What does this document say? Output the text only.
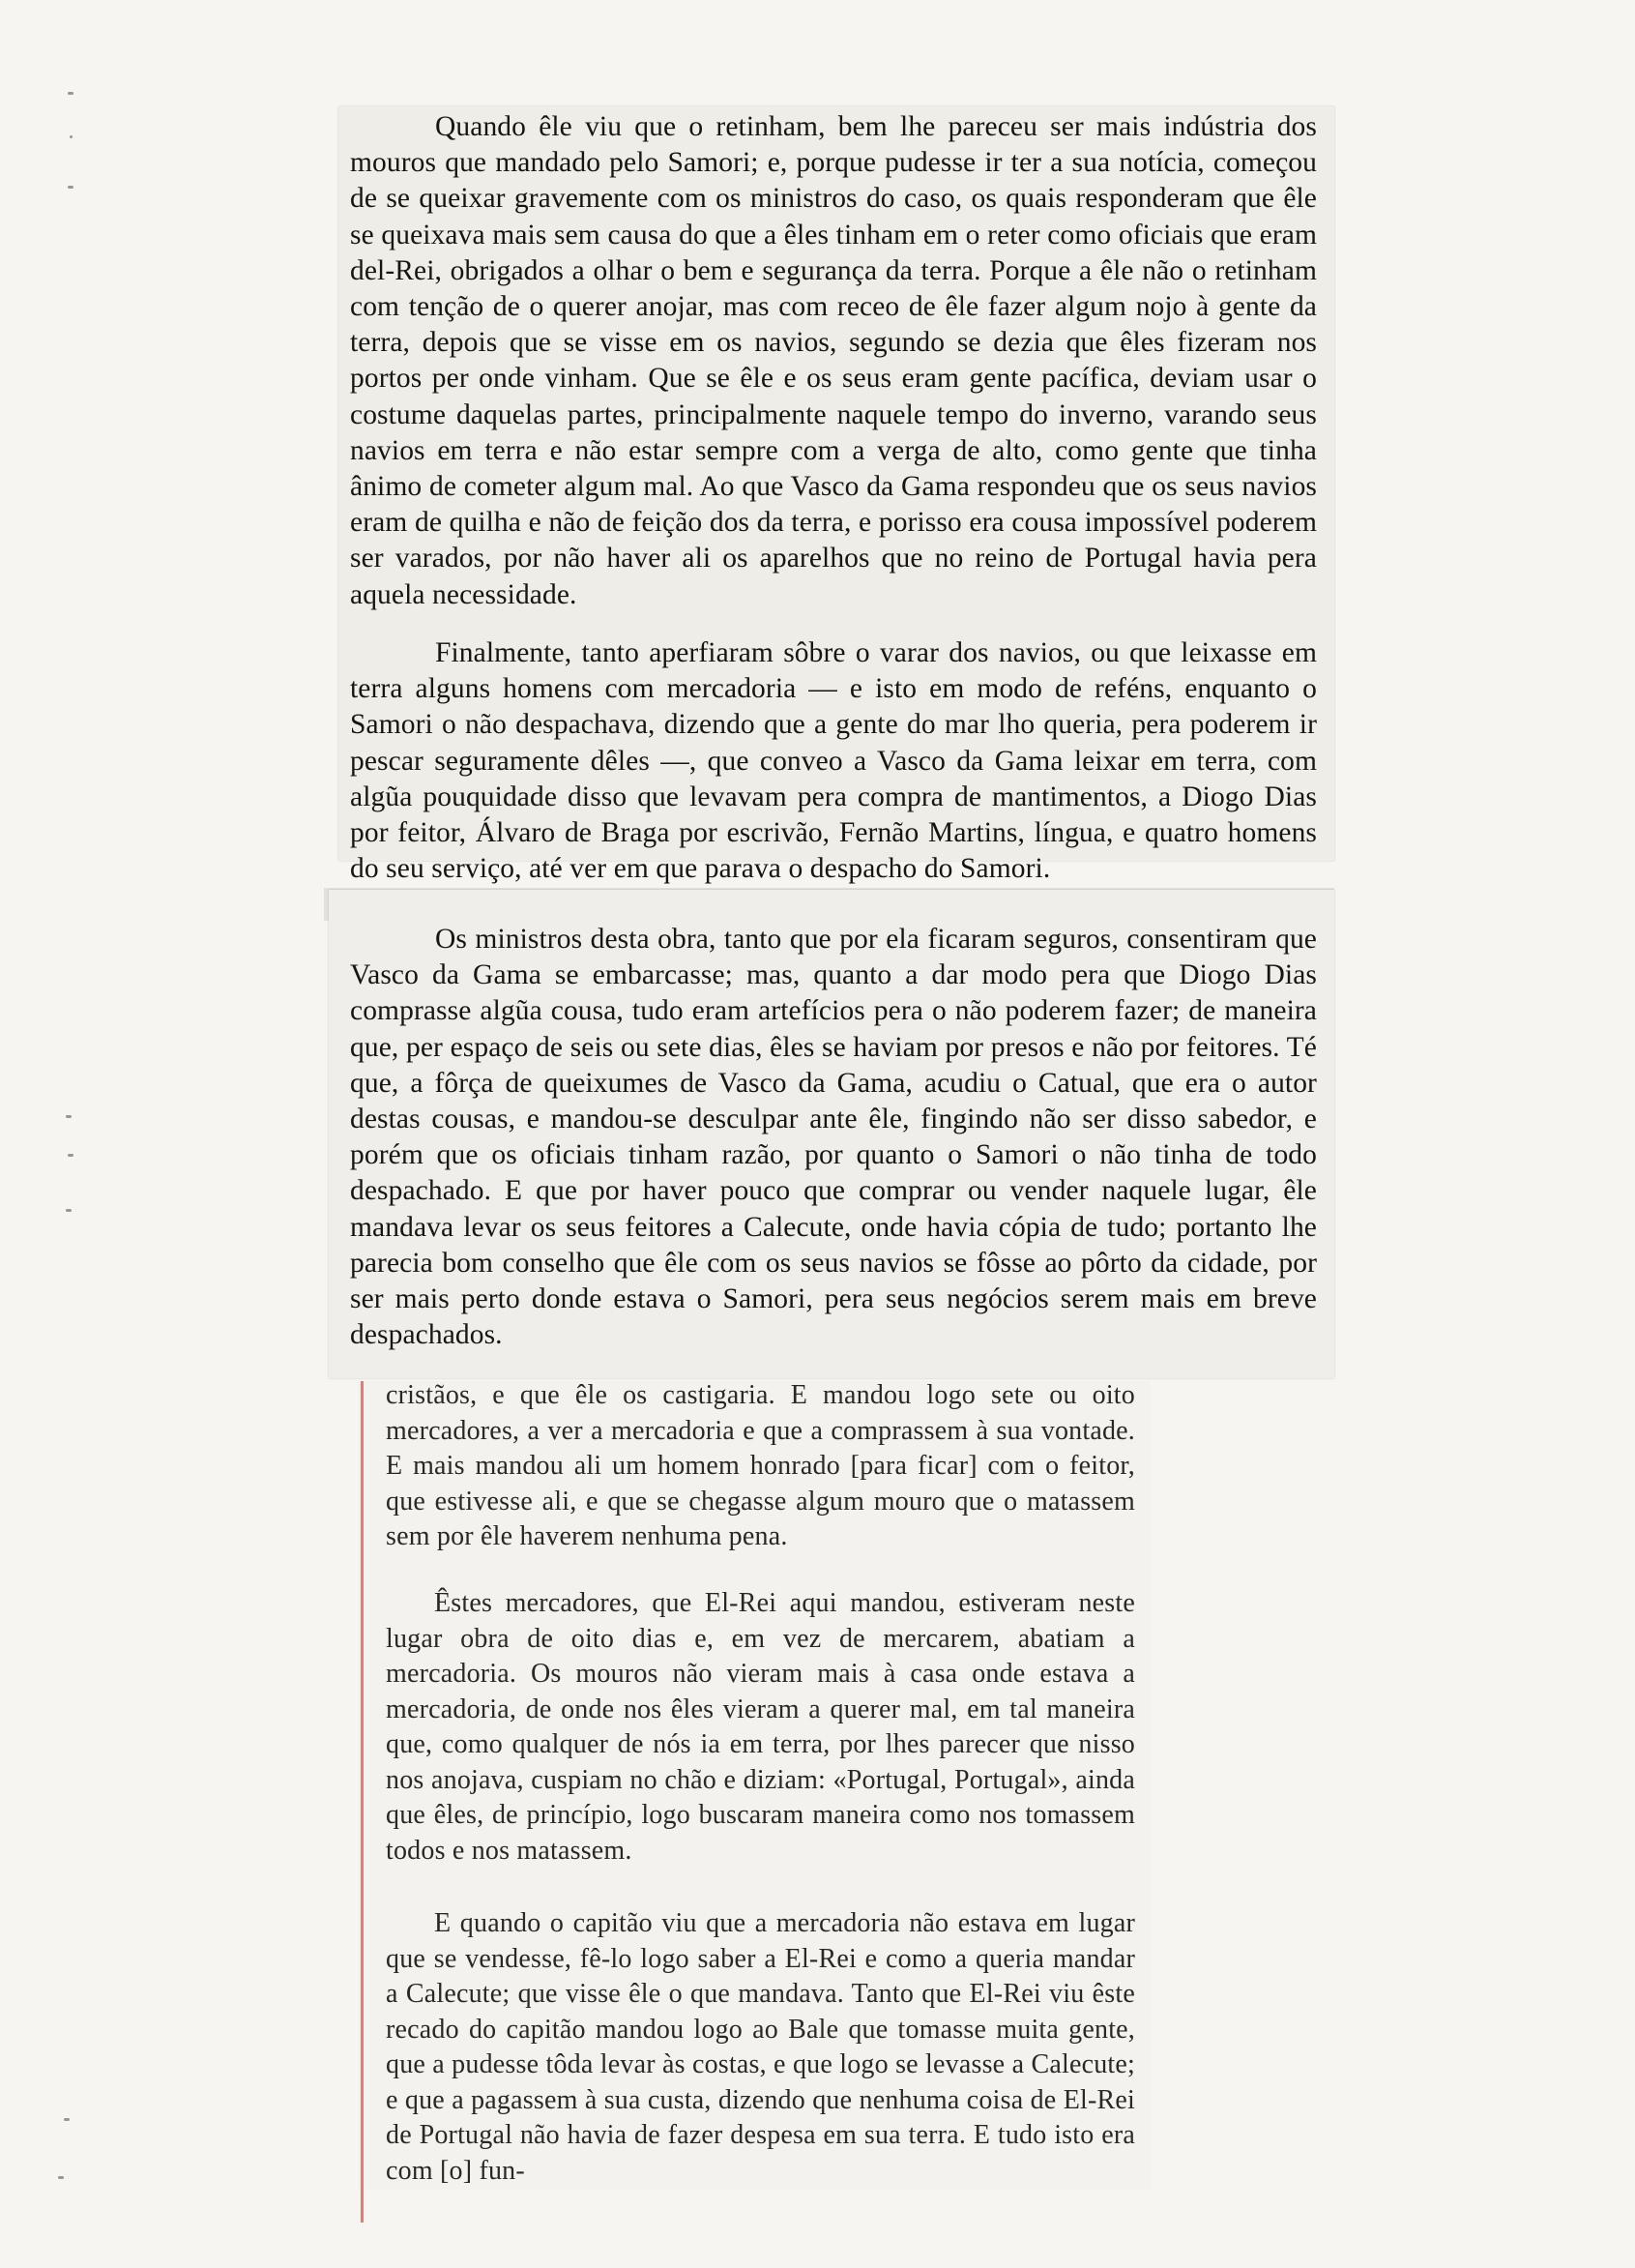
Quando êle viu que o retinham, bem lhe pareceu ser mais indústria dos mouros que mandado pelo Samori; e, porque pudesse ir ter a sua notícia, começou de se queixar gravemente com os ministros do caso, os quais responderam que êle se queixava mais sem causa do que a êles tinham em o reter como oficiais que eram del-Rei, obrigados a olhar o bem e segurança da terra. Porque a êle não o retinham com tenção de o querer anojar, mas com receo de êle fazer algum nojo à gente da terra, depois que se visse em os navios, segundo se dezia que êles fizeram nos portos per onde vinham. Que se êle e os seus eram gente pacífica, deviam usar o costume daquelas partes, principalmente naquele tempo do inverno, varando seus navios em terra e não estar sempre com a verga de alto, como gente que tinha ânimo de cometer algum mal. Ao que Vasco da Gama respondeu que os seus navios eram de quilha e não de feição dos da terra, e porisso era cousa impossível poderem ser varados, por não haver ali os aparelhos que no reino de Portugal havia pera aquela necessidade.

Finalmente, tanto aperfiaram sôbre o varar dos navios, ou que leixasse em terra alguns homens com mercadoria — e isto em modo de reféns, enquanto o Samori o não despachava, dizendo que a gente do mar lho queria, pera poderem ir pescar seguramente dêles —, que conveo a Vasco da Gama leixar em terra, com algũa pouquidade disso que levavam pera compra de mantimentos, a Diogo Dias por feitor, Álvaro de Braga por escrivão, Fernão Martins, língua, e quatro homens do seu serviço, até ver em que parava o despacho do Samori.

Os ministros desta obra, tanto que por ela ficaram seguros, consentiram que Vasco da Gama se embarcasse; mas, quanto a dar modo pera que Diogo Dias comprasse algũa cousa, tudo eram artefícios pera o não poderem fazer; de maneira que, per espaço de seis ou sete dias, êles se haviam por presos e não por feitores. Té que, a fôrça de queixumes de Vasco da Gama, acudiu o Catual, que era o autor destas cousas, e mandou-se desculpar ante êle, fingindo não ser disso sabedor, e porém que os oficiais tinham razão, por quanto o Samori o não tinha de todo despachado. E que por haver pouco que comprar ou vender naquele lugar, êle mandava levar os seus feitores a Calecute, onde havia cópia de tudo; portanto lhe parecia bom conselho que êle com os seus navios se fôsse ao pôrto da cidade, por ser mais perto donde estava o Samori, pera seus negócios serem mais em breve despachados.

cristãos, e que êle os castigaria. E mandou logo sete ou oito mercadores, a ver a mercadoria e que a comprassem à sua vontade. E mais mandou ali um homem honrado [para ficar] com o feitor, que estivesse ali, e que se chegasse algum mouro que o matassem sem por êle haverem nenhuma pena.

Êstes mercadores, que El-Rei aqui mandou, estiveram neste lugar obra de oito dias e, em vez de mercarem, abatiam a mercadoria. Os mouros não vieram mais à casa onde estava a mercadoria, de onde nos êles vieram a querer mal, em tal maneira que, como qualquer de nós ia em terra, por lhes parecer que nisso nos anojava, cuspiam no chão e diziam: «Portugal, Portugal», ainda que êles, de princípio, logo buscaram maneira como nos tomassem todos e nos matassem.

E quando o capitão viu que a mercadoria não estava em lugar que se vendesse, fê-lo logo saber a El-Rei e como a queria mandar a Calecute; que visse êle o que mandava. Tanto que El-Rei viu êste recado do capitão mandou logo ao Bale que tomasse muita gente, que a pudesse tôda levar às costas, e que logo se levasse a Calecute; e que a pagassem à sua custa, dizendo que nenhuma coisa de El-Rei de Portugal não havia de fazer despesa em sua terra. E tudo isto era com [o] fun-
